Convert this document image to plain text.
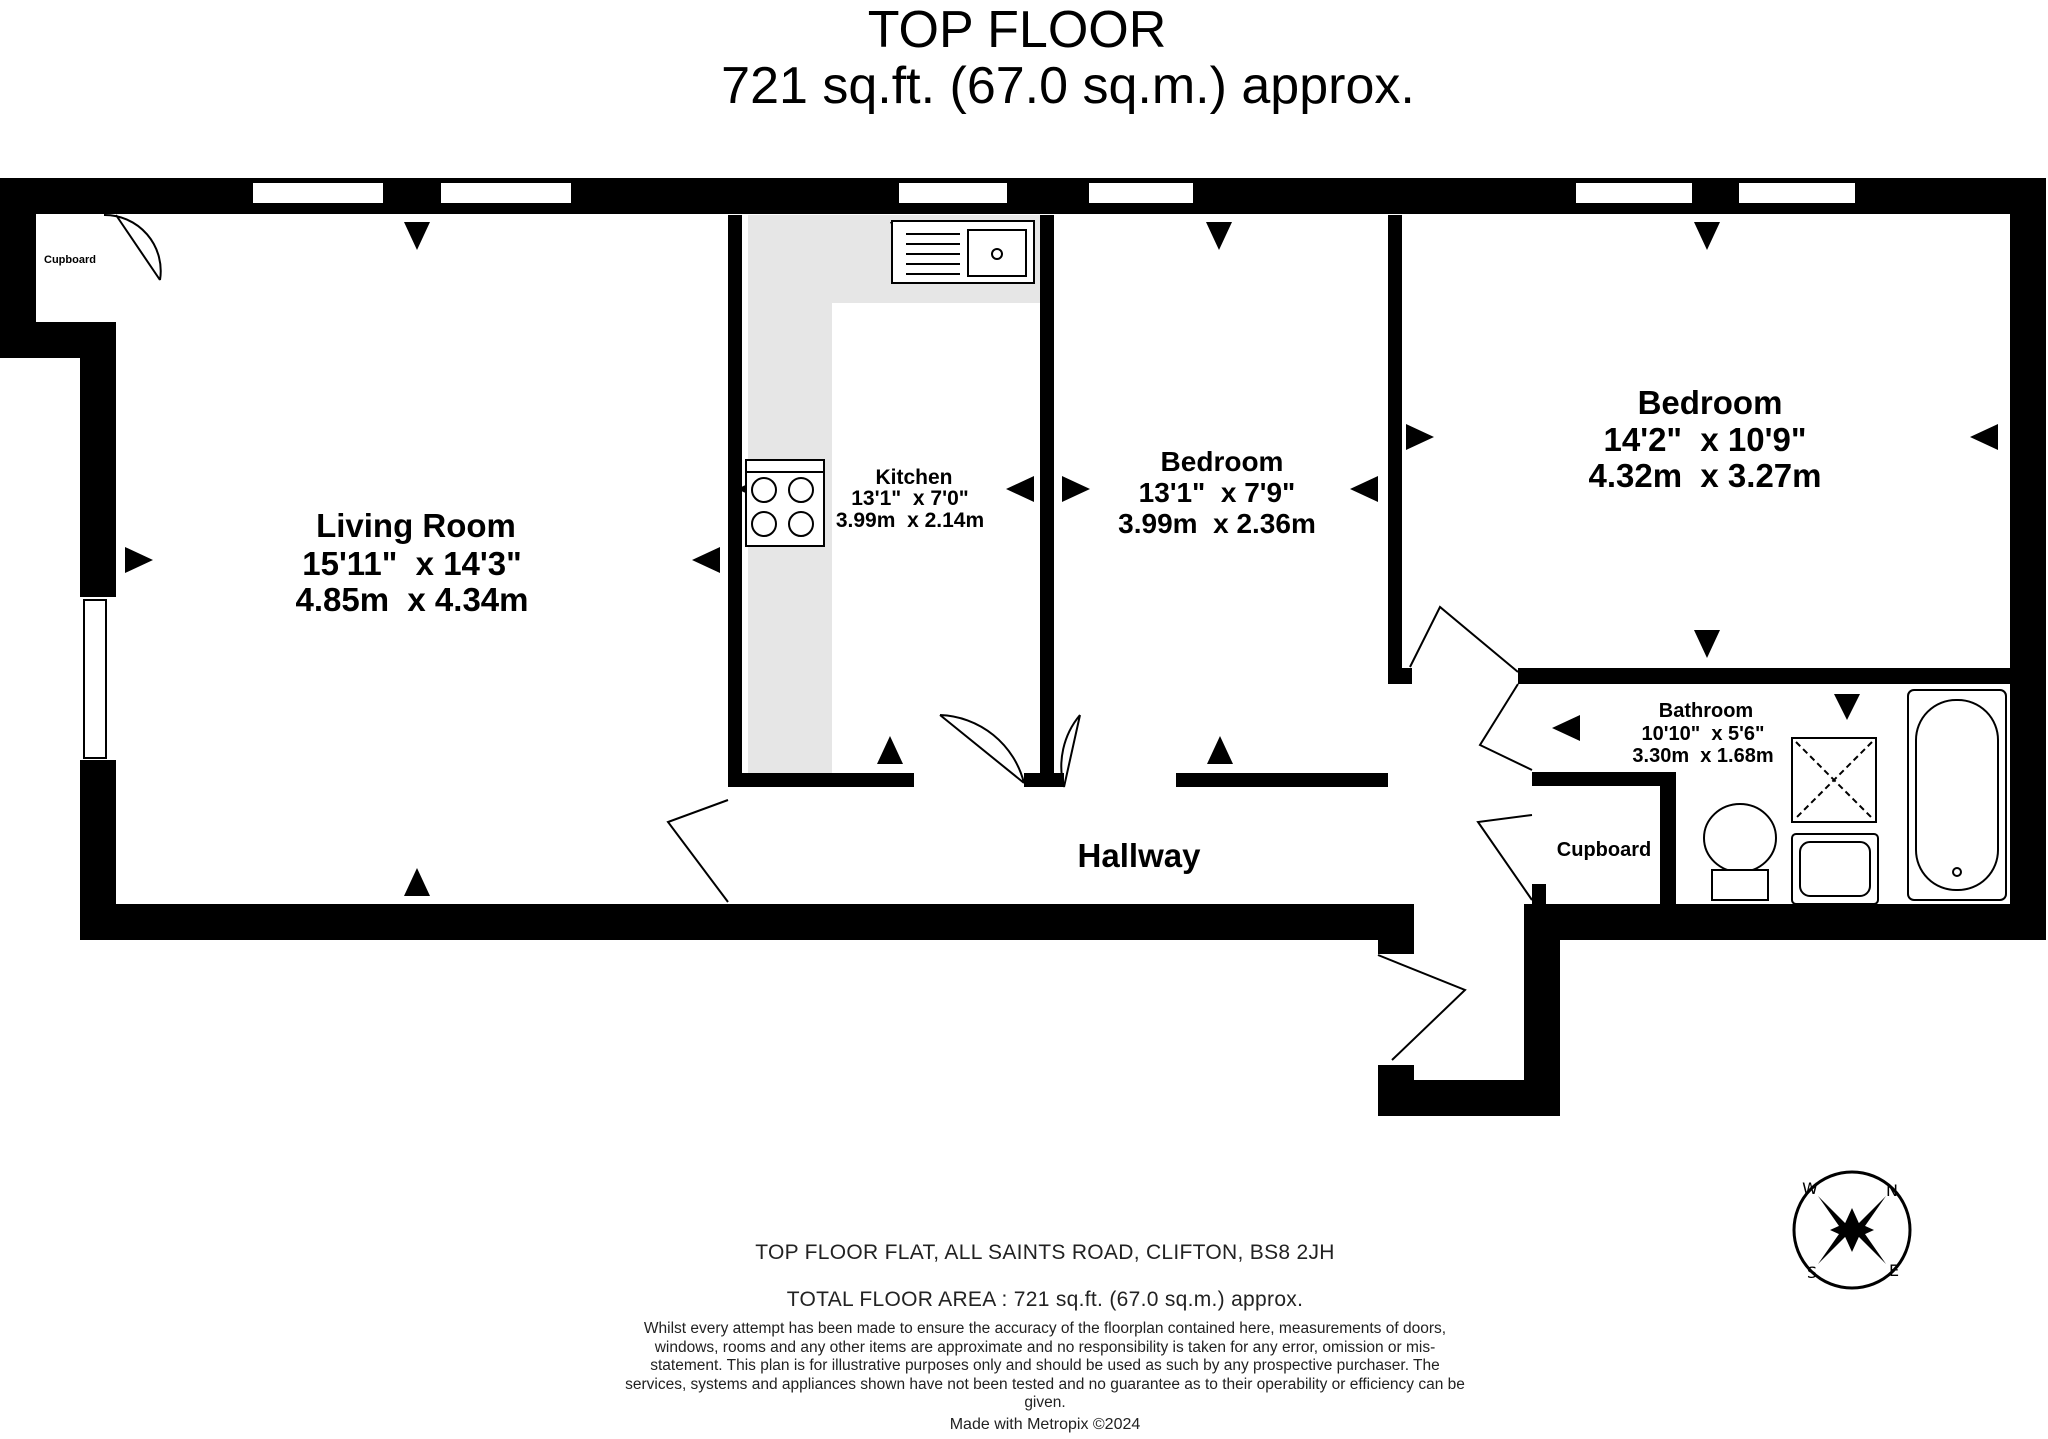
TOP FLOOR
721 sq.ft. (67.0 sq.m.) approx.
N
E
S
W
Living Room
15'11"  x 14'3"
4.85m  x 4.34m
Kitchen
13'1"  x 7'0"
3.99m  x 2.14m
Bedroom
13'1"  x 7'9"
3.99m  x 2.36m
Bedroom
14'2"  x 10'9"
4.32m  x 3.27m
Bathroom
10'10"  x 5'6"
3.30m  x 1.68m
Hallway
Cupboard
Cupboard
TOP FLOOR FLAT, ALL SAINTS ROAD, CLIFTON, BS8 2JH
TOTAL FLOOR AREA : 721 sq.ft. (67.0 sq.m.) approx.
Whilst every attempt has been made to ensure the accuracy of the floorplan contained here, measurements of doors, windows, rooms and any other items are approximate and no responsibility is taken for any error, omission or mis-statement. This plan is for illustrative purposes only and should be used as such by any prospective purchaser. The services, systems and appliances shown have not been tested and no guarantee as to their operability or efficiency can be given.
Made with Metropix ©2024
